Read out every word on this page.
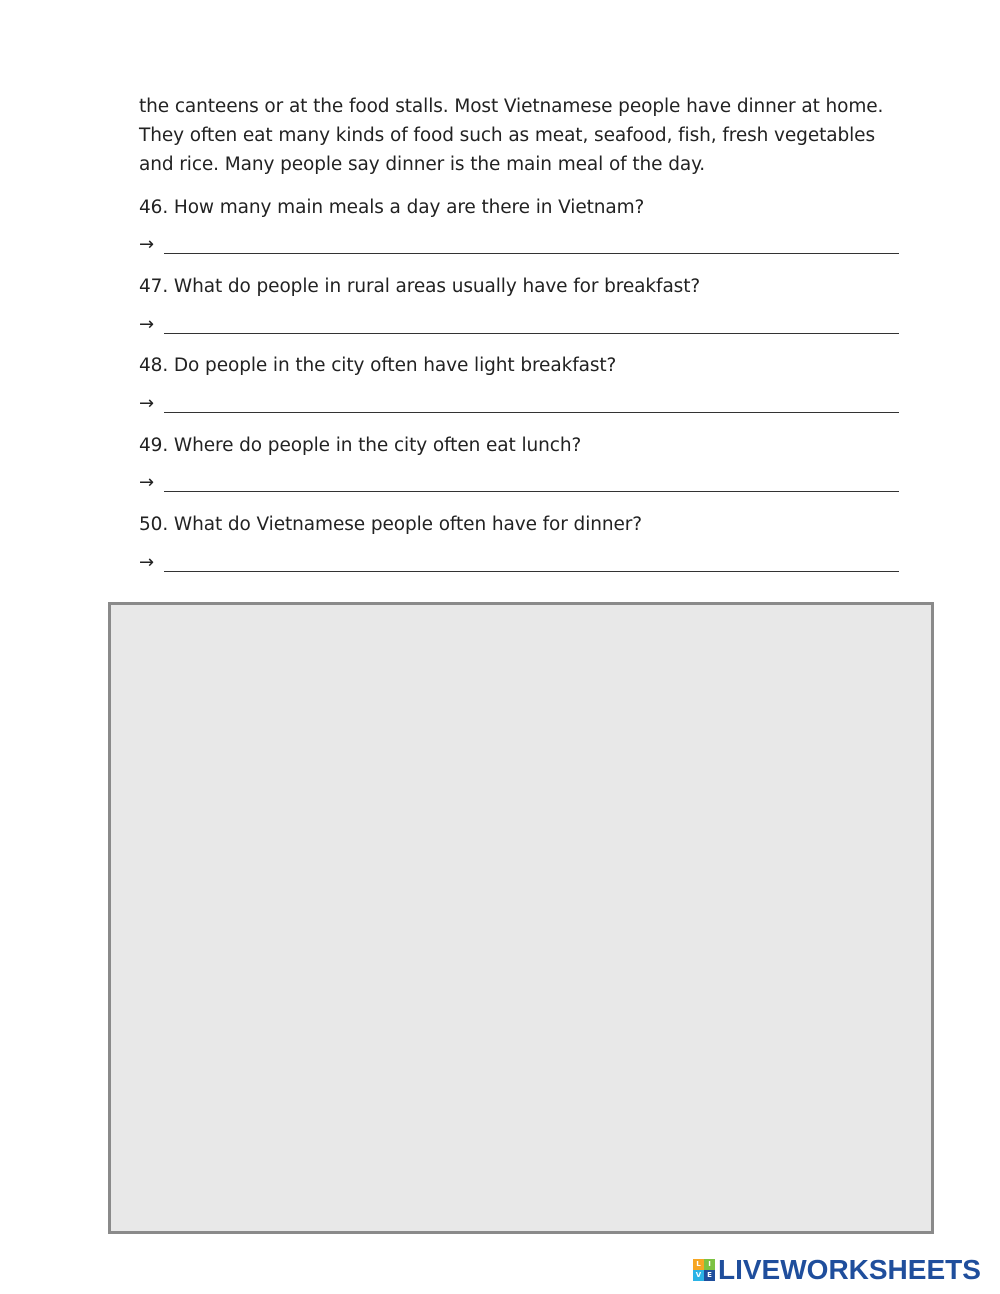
the canteens or at the food stalls. Most Vietnamese people have dinner at home.
They often eat many kinds of food such as meat, seafood, fish, fresh vegetables
and rice. Many people say dinner is the main meal of the day.
46. How many main meals a day are there in Vietnam?
→
47. What do people in rural areas usually have for breakfast?
→
48. Do people in the city often have light breakfast?
→
49. Where do people in the city often eat lunch?
→
50. What do Vietnamese people often have for dinner?
→
L	I
V E LIVEWORKSHEETS
